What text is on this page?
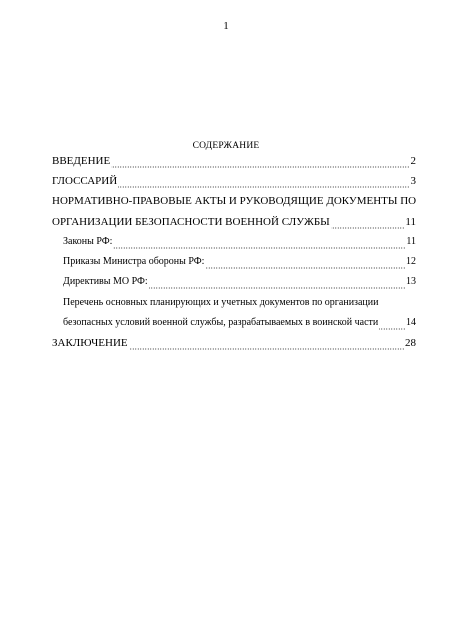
1
СОДЕРЖАНИЕ
ВВЕДЕНИЕ	2
ГЛОССАРИЙ	3
НОРМАТИВНО-ПРАВОВЫЕ АКТЫ И РУКОВОДЯЩИЕ ДОКУМЕНТЫ ПО
ОРГАНИЗАЦИИ БЕЗОПАСНОСТИ ВОЕННОЙ СЛУЖБЫ	11
Законы РФ:	11
Приказы Министра обороны РФ:	12
Директивы МО РФ:	13
Перечень основных планирующих и учетных документов по организации
безопасных условий военной службы, разрабатываемых в воинской части	14
ЗАКЛЮЧЕНИЕ	28
